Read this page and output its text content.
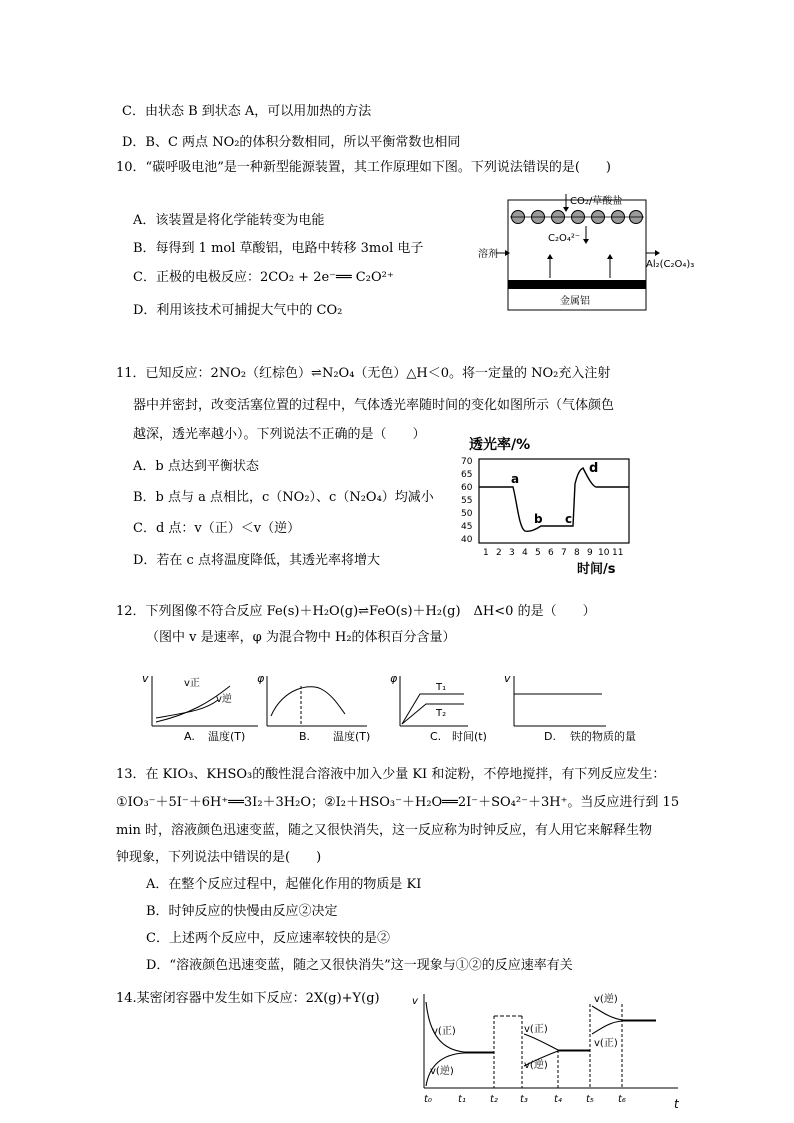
C．由状态 B 到状态 A，可以用加热的方法
D．B、C 两点 NO₂的体积分数相同，所以平衡常数也相同
10．“碳呼吸电池”是一种新型能源装置，其工作原理如下图。下列说法错误的是(　　)
A．该装置是将化学能转变为电能
B．每得到 1 mol 草酸铝，电路中转移 3mol 电子
C．正极的电极反应：2CO₂ + 2e⁻══ C₂O²⁺
D．利用该技术可捕捉大气中的 CO₂
CO₂/草酸盐
C₂O₄²⁻
溶剂
Al₂(C₂O₄)₃
金属铝
11．已知反应：2NO₂（红棕色）⇌N₂O₄（无色）△H＜0。将一定量的 NO₂充入注射
器中并密封，改变活塞位置的过程中，气体透光率随时间的变化如图所示（气体颜色
越深，透光率越小）。下列说法不正确的是（　　）
A．b 点达到平衡状态
B．b 点与 a 点相比，c（NO₂）、c（N₂O₄）均减小
C．d 点：v（正）＜v（逆）
D．若在 c 点将温度降低，其透光率将增大
透光率/%
70
65
60
55
50
45
40
1 2 3 4 5 6 7 8 9 10 11
a
b c
d
时间/s
12．下列图像不符合反应 Fe(s)＋H₂O(g)⇌FeO(s)＋H₂(g)　ΔH<0 的是（　　）
（图中 v 是速率，φ 为混合物中 H₂的体积百分含量）
v	v正
v逆
A. 温度(T)
φ
B. 温度(T)
φ
T₁
T₂
C. 时间(t)
v
D. 铁的物质的量
13．在 KIO₃、KHSO₃的酸性混合溶液中加入少量 KI 和淀粉，不停地搅拌，有下列反应发生：
①IO₃⁻＋5I⁻＋6H⁺══3I₂＋3H₂O；②I₂＋HSO₃⁻＋H₂O══2I⁻＋SO₄²⁻＋3H⁺。当反应进行到 15
min 时，溶液颜色迅速变蓝，随之又很快消失，这一反应称为时钟反应，有人用它来解释生物
钟现象，下列说法中错误的是(　　)
A．在整个反应过程中，起催化作用的物质是 KI
B．时钟反应的快慢由反应②决定
C．上述两个反应中，反应速率较快的是②
D．“溶液颜色迅速变蓝，随之又很快消失”这一现象与①②的反应速率有关
14.某密闭容器中发生如下反应：2X(g)+Y(g)	v
t
v(正)
v(逆)
v(正)
v(逆)
v(逆)
v(正)
t₀	t₁ t₂ t₃	t₄ t₅ t₆
